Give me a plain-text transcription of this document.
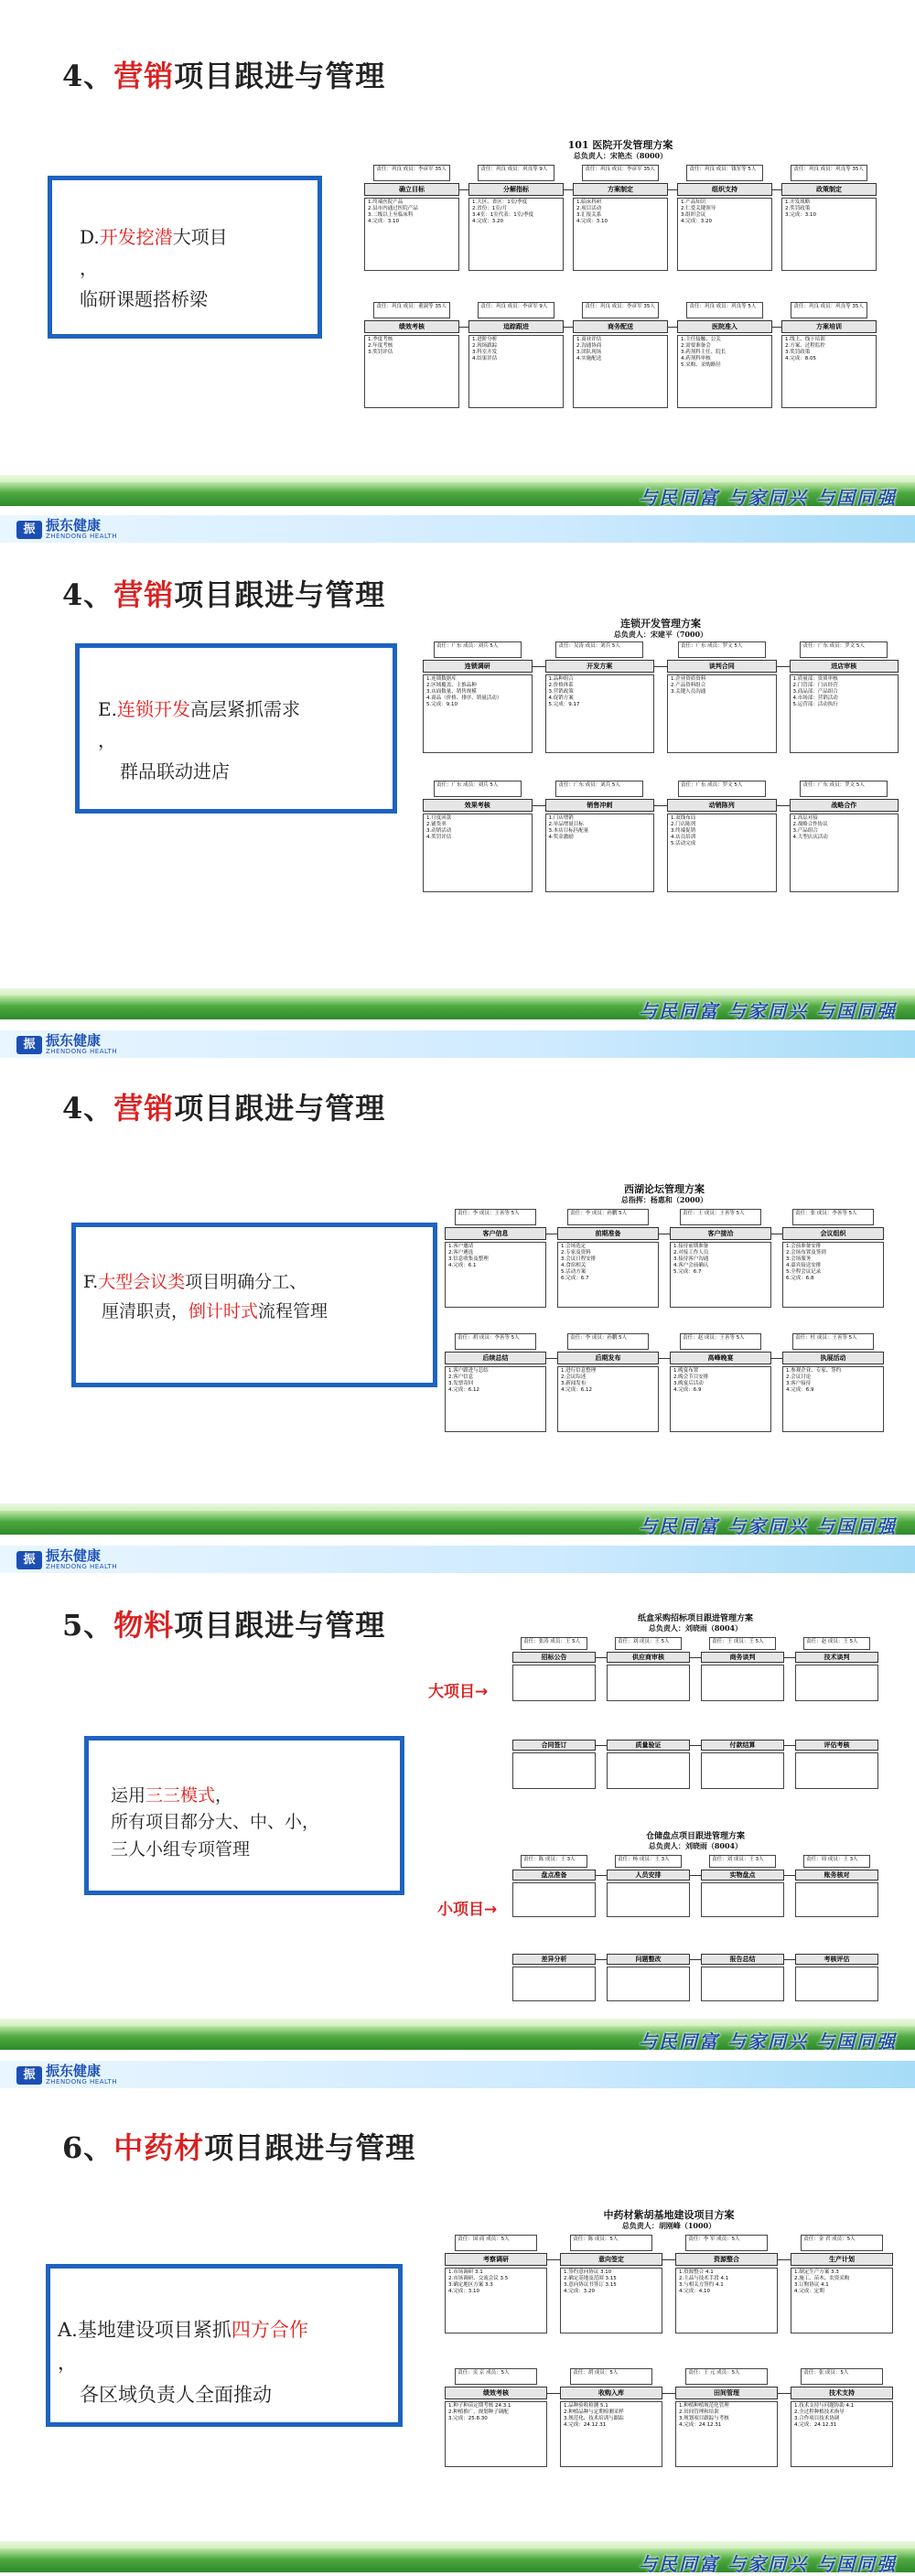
4、营销项目跟进与管理
D.开发挖潜大项目
，
临研课题搭桥梁
101 医院开发管理方案
总负责人：宋艳杰（8000）
责任：巩良 成员：李彦军 35人
确立目标
1.终端医院产品
2.县市内通过医院产品
3.二级以上至临床科
4.完成：3.10
责任：巩良 成员：巩良等 9人
分解指标
1.大区、省区：1室/季度
2.省份：1室/月
3.4室：1室代表：1室/季度
4.完成：3.20
责任：巩良 成员：李彦军 35人
方案制定
1.临床科研
2.项目活动
3.汇报关系
4.完成：3.10
责任：巩良 成员：钱军等 5人
组织支持
1.产品知识
2.仁爱关键领导
3.组织会议
4.完成：3.20
责任：巩良 成员：巩良等 35人
政策制定
1.开发战略
2.奖罚政策
3.完成：3.10
责任：巩良 成员：董淑等 35人
绩效考核
1.季度考核
2.年度考核
3.奖罚评估
责任：巩良 成员：李彦军 9人
追踪跟进
1.进阶分析
2.现场跟踪
3.科室开发
4.结果评估
责任：巩良 成员：李彦军 35人
商务配送
1.商业评估
2.沟通协商
3.团队现场
4.实施配送
责任：巩良 成员：巩良等 5人
医院准入
1.主任接触、公关
2.需要准备会
3.药剂科主任、院长
4.药剂科审核
5.采购、采购路径
责任：巩良 成员：巩良等 35人
方案培训
1.线上、线下培训
2.方案、过程监控
3.奖罚政策
4.完成：8.05
与民同富 与家同兴 与国同强
振 振东健康
ZHENDONG HEALTH
4、营销项目跟进与管理
E.连锁开发高层紧抓需求
，
群品联动进店
连锁开发管理方案
总负责人：宋建平（7000）
责任：广东 成员：刘兵 5人
连锁调研
1.连锁数据库
2.区域覆盖、主推品种
3.店面数量、销售规模
4.商品（价格、排序、销量活动）
5.完成：9.10
责任：吴涛 成员：刘兵 5人
开发方案
1.品种组合
2.价格体系
3.营销政策
4.促销方案
5.完成：9.17
责任：广东 成员：罗文 5人
谈判合同
1.企业资质资料
2.产品资料组合
3.关键人员沟通
责任：广东 成员：罗文 5人
进店审核
1.质量部：资质审核
2.门管部：门店经营
3.商品部：产品组合
4.市场部：营销活动
5.运营部：活动执行
责任：广东 成员：刘兵 5人
效果考核
1.月度回款
2.铺货率
3.动销活动
4.奖罚评估
责任：广东 成员：刘兵 5人
销售冲刺
1.门店增销
2.单品增量目标
3.本店目标匹配量
4.奖金激励
责任：广东 成员：罗文 5人
动销陈列
1.双线布局
2.门店陈列
3.终端促销
4.店员培训
5.活动完成
责任：广东 成员：罗文 5人
战略合作
1.高层对接
2.战略合作协议
3.产品组合
4.大型店庆活动
与民同富 与家同兴 与国同强
振 振东健康
ZHENDONG HEALTH
4、营销项目跟进与管理
F.大型会议类项目明确分工、
厘清职责，倒计时式流程管理
西湖论坛管理方案
总指挥：杨惠和（2000）
责任：李 成员：王善等 5人
客户信息
1.客户邀请
2.客户遴选
3.信息收集及整理
4.完成：6.1
责任：李 成员：孙鹏 5人
前期准备
1.会场选定
2.专家及资料
3.会议日程安排
4.食宿相关
5.活动方案
6.完成：6.7
责任：王 成员：王善等 5人
客户接洽
1.接待前期准备
2.对接工作人员
3.接待客户沟通
4.客户会前确认
5.完成：6.7
责任：张 成员：李善等 5人
会议组织
1.会前准备安排
2.会场布置及签到
3.会场服务
4.嘉宾接送安排
5.全程会议记录
6.完成：6.8
责任：胡 成员：李善等 5人
后续总结
1.客户跟进与总结
2.客户信息
3.发票寄回
4.完成：6.12
责任：李 成员：孙鹏 5人
后期发布
1.进行信息整理
2.会议综述
3.新闻发布
4.完成：6.12
责任：赵 成员：王善等 5人
高峰晚宴
1.晚宴布置
2.晚会节目安排
3.晚宴后活动
4.完成：6.9
责任：杜 成员：王善等 5人
执展活动
1.参观企业、专家、签约
2.会议讨论
3.客户接待
4.完成：6.9
与民同富 与家同兴 与国同强
振 振东健康
ZHENDONG HEALTH
5、物料项目跟进与管理
运用三三模式，
所有项目都分大、中、小，
三人小组专项管理
大项目→
小项目→
纸盒采购招标项目跟进管理方案
总负责人：刘晓雨（8004）
责任：张涛 成员：王 5人
招标公告
责任：刘 成员：王 5人
供应商审核
责任：王 成员：王 5人
商务谈判
责任：赵 成员：王 5人
技术谈判
合同签订	质量验证	付款结算	评估考核
仓储盘点项目跟进管理方案
总负责人：刘晓雨（8004）
责任：陈 成员：王 3人
盘点准备
责任：杨 成员：王 3人
人员安排
责任：刘 成员：王 3人
实物盘点
责任：周 成员：王 3人
账务核对
差异分析	问题整改	报告总结	考核评估
与民同富 与家同兴 与国同强
振 振东健康
ZHENDONG HEALTH
6、中药材项目跟进与管理
A.基地建设项目紧抓四方合作
，
各区域负责人全面推动
中药材紫胡基地建设项目方案
总负责人：胡刚峰（1000）
责任：国 商 成员：5人
考察调研
1.市场调研 3.1
2.市场调研、交流会议 3.5
3.确定地区方案 3.3
4.完成：3.10
责任：陈 成员：5人
意向签定
1.签约意向协议 3.10
2.确定基地及范围 3.15
3.意向协议书签订 3.15
4.完成：3.20
责任：李 军 成员：5人
资源整合
1.资源整合 4.1
2.主品与技术手段 4.1
3.与相关方签约 4.1
4.完成：4.10
责任：金 君 成员：5人
生产计划
1.制定生产方案 3.3
2.施工、苗木、农资采购
3.订购协议 4.1
4.完成：定期
责任：页 京 成员：5人
绩效考核
1.种子种苗定期考核 24.3.1
2.种植推广，规划种子调配
3.完成：25.8.30
责任：胡 成员：5人
收购入库
1.品种验收检测 5.1
2.种植品种与定期检测采样
3.规范化、技术培训与跟踪
4.完成：24.12.31
责任：王 元 成员：5人
田间管理
1.种植种植规范化管理
2.田间管理和培训
3.规划项目跟踪与考核
4.完成：24.12.31
责任：张 成员：5人
技术支持
1.技术支持与问题协助 4.1
2.全过程种植技术指导
3.合作项目技术协调
4.完成：24.12.31
与民同富 与家同兴 与国同强
